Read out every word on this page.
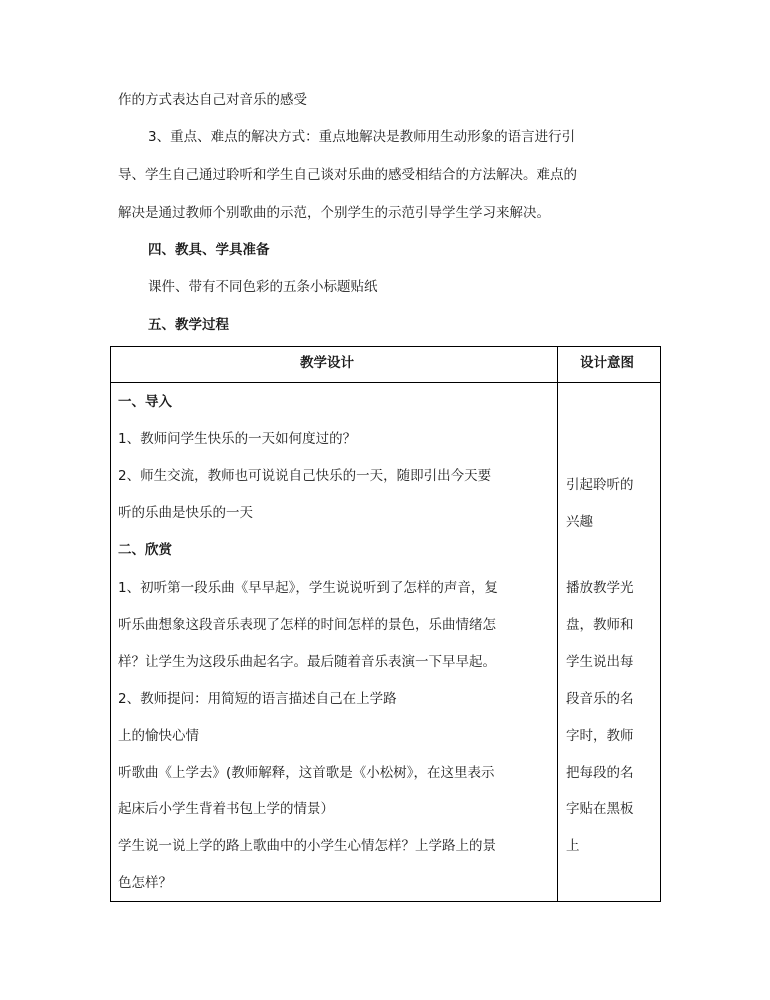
作的方式表达自己对音乐的感受
3、重点、难点的解决方式：重点地解决是教师用生动形象的语言进行引
导、学生自己通过聆听和学生自己谈对乐曲的感受相结合的方法解决。难点的
解决是通过教师个别歌曲的示范，个别学生的示范引导学生学习来解决。
四、教具、学具准备
课件、带有不同色彩的五条小标题贴纸
五、教学过程
教学设计	设计意图
一、导入
1、教师问学生快乐的一天如何度过的？
2、师生交流，教师也可说说自己快乐的一天，随即引出今天要
听的乐曲是快乐的一天
二、欣赏
1、初听第一段乐曲《早早起》，学生说说听到了怎样的声音，复
听乐曲想象这段音乐表现了怎样的时间怎样的景色，乐曲情绪怎
样？让学生为这段乐曲起名字。最后随着音乐表演一下早早起。
2、教师提问：用简短的语言描述自己在上学路
上的愉快心情
听歌曲《上学去》(教师解释，这首歌是《小松树》，在这里表示
起床后小学生背着书包上学的情景）
学生说一说上学的路上歌曲中的小学生心情怎样？上学路上的景
色怎样？
引起聆听的
兴趣
播放教学光
盘，教师和
学生说出每
段音乐的名
字时，教师
把每段的名
字贴在黑板
上
